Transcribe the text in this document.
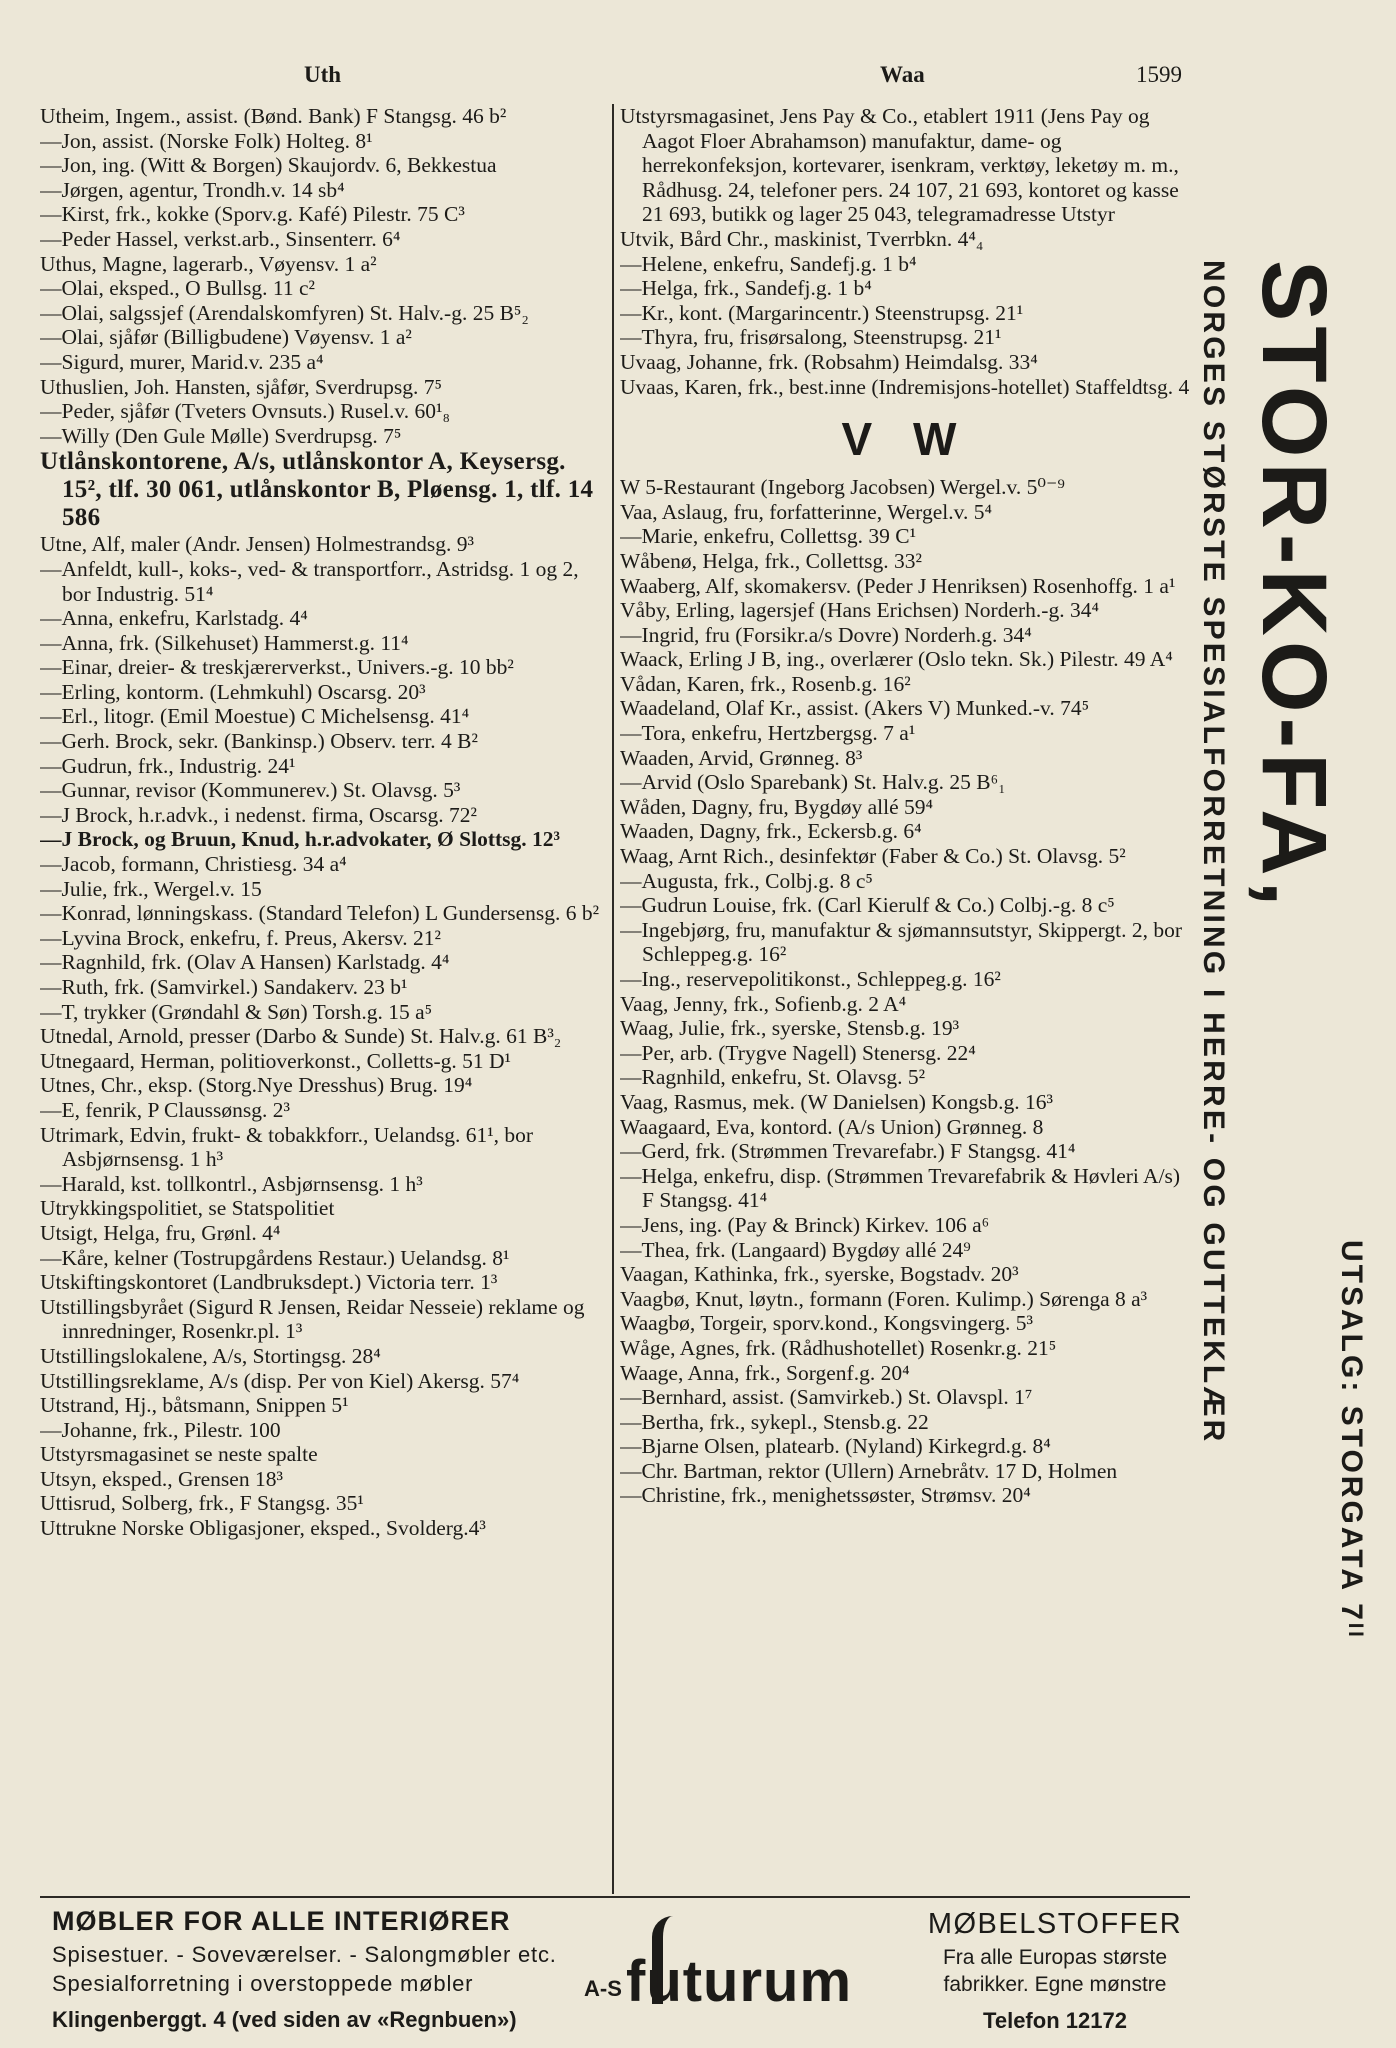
Uth	Waa	1599
Utheim, Ingem., assist. (Bønd. Bank) F Stangsg. 46 b²
—Jon, assist. (Norske Folk) Holteg. 8¹
—Jon, ing. (Witt & Borgen) Skaujordv. 6, Bekkestua
—Jørgen, agentur, Trondh.v. 14 sb⁴
—Kirst, frk., kokke (Sporv.g. Kafé) Pilestr. 75 C³
—Peder Hassel, verkst.arb., Sinsenterr. 6⁴
Uthus, Magne, lagerarb., Vøyensv. 1 a²
—Olai, eksped., O Bullsg. 11 c²
—Olai, salgssjef (Arendalskomfyren) St. Halv.-g. 25 B⁵₂
—Olai, sjåfør (Billigbudene) Vøyensv. 1 a²
—Sigurd, murer, Marid.v. 235 a⁴
Uthuslien, Joh. Hansten, sjåfør, Sverdrupsg. 7⁵
—Peder, sjåfør (Tveters Ovnsuts.) Rusel.v. 60¹₈
—Willy (Den Gule Mølle) Sverdrupsg. 7⁵
Utlånskontorene, A/s, utlånskontor A, Keysersg. 15², tlf. 30 061, utlånskontor B, Pløensg. 1, tlf. 14 586
Utne, Alf, maler (Andr. Jensen) Holmestrandsg. 9³
—Anfeldt, kull-, koks-, ved- & transportforr., Astridsg. 1 og 2, bor Industrig. 51⁴
—Anna, enkefru, Karlstadg. 4⁴
—Anna, frk. (Silkehuset) Hammerst.g. 11⁴
—Einar, dreier- & treskjærerverkst., Univers.-g. 10 bb²
—Erling, kontorm. (Lehmkuhl) Oscarsg. 20³
—Erl., litogr. (Emil Moestue) C Michelsensg. 41⁴
—Gerh. Brock, sekr. (Bankinsp.) Observ. terr. 4 B²
—Gudrun, frk., Industrig. 24¹
—Gunnar, revisor (Kommunerev.) St. Olavsg. 5³
—J Brock, h.r.advk., i nedenst. firma, Oscarsg. 72²
—J Brock, og Bruun, Knud, h.r.advokater, Ø Slottsg. 12³
—Jacob, formann, Christiesg. 34 a⁴
—Julie, frk., Wergel.v. 15
—Konrad, lønningskass. (Standard Telefon) L Gundersensg. 6 b²
—Lyvina Brock, enkefru, f. Preus, Akersv. 21²
—Ragnhild, frk. (Olav A Hansen) Karlstadg. 4⁴
—Ruth, frk. (Samvirkel.) Sandakerv. 23 b¹
—T, trykker (Grøndahl & Søn) Torsh.g. 15 a⁵
Utnedal, Arnold, presser (Darbo & Sunde) St. Halv.g. 61 B³₂
Utnegaard, Herman, politioverkonst., Colletts-g. 51 D¹
Utnes, Chr., eksp. (Storg.Nye Dresshus) Brug. 19⁴
—E, fenrik, P Claussønsg. 2³
Utrimark, Edvin, frukt- & tobakkforr., Uelandsg. 61¹, bor Asbjørnsensg. 1 h³
—Harald, kst. tollkontrl., Asbjørnsensg. 1 h³
Utrykkingspolitiet, se Statspolitiet
Utsigt, Helga, fru, Grønl. 4⁴
—Kåre, kelner (Tostrupgårdens Restaur.) Uelandsg. 8¹
Utskiftingskontoret (Landbruksdept.) Victoria terr. 1³
Utstillingsbyrået (Sigurd R Jensen, Reidar Nesseie) reklame og innredninger, Rosenkr.pl. 1³
Utstillingslokalene, A/s, Stortingsg. 28⁴
Utstillingsreklame, A/s (disp. Per von Kiel) Akersg. 57⁴
Utstrand, Hj., båtsmann, Snippen 5¹
—Johanne, frk., Pilestr. 100
Utstyrsmagasinet se neste spalte
Utsyn, eksped., Grensen 18³
Uttisrud, Solberg, frk., F Stangsg. 35¹
Uttrukne Norske Obligasjoner, eksped., Svolderg.4³
Utstyrsmagasinet, Jens Pay & Co., etablert 1911 (Jens Pay og Aagot Floer Abrahamson) manufaktur, dame- og herrekonfeksjon, kortevarer, isenkram, verktøy, leketøy m. m., Rådhusg. 24, telefoner pers. 24 107, 21 693, kontoret og kasse 21 693, butikk og lager 25 043, telegramadresse Utstyr
Utvik, Bård Chr., maskinist, Tverrbkn. 4⁴₄
—Helene, enkefru, Sandefj.g. 1 b⁴
—Helga, frk., Sandefj.g. 1 b⁴
—Kr., kont. (Margarincentr.) Steenstrupsg. 21¹
—Thyra, fru, frisørsalong, Steenstrupsg. 21¹
Uvaag, Johanne, frk. (Robsahm) Heimdalsg. 33⁴
Uvaas, Karen, frk., best.inne (Indremisjons-hotellet) Staffeldtsg. 4
V W
W 5-Restaurant (Ingeborg Jacobsen) Wergel.v. 5⁰⁻⁹
Vaa, Aslaug, fru, forfatterinne, Wergel.v. 5⁴
—Marie, enkefru, Collettsg. 39 C¹
Wåbenø, Helga, frk., Collettsg. 33²
Waaberg, Alf, skomakersv. (Peder J Henriksen) Rosenhoffg. 1 a¹
Våby, Erling, lagersjef (Hans Erichsen) Norderh.-g. 34⁴
—Ingrid, fru (Forsikr.a/s Dovre) Norderh.g. 34⁴
Waack, Erling J B, ing., overlærer (Oslo tekn. Sk.) Pilestr. 49 A⁴
Vådan, Karen, frk., Rosenb.g. 16²
Waadeland, Olaf Kr., assist. (Akers V) Munked.-v. 74⁵
—Tora, enkefru, Hertzbergsg. 7 a¹
Waaden, Arvid, Grønneg. 8³
—Arvid (Oslo Sparebank) St. Halv.g. 25 B⁶₁
Wåden, Dagny, fru, Bygdøy allé 59⁴
Waaden, Dagny, frk., Eckersb.g. 6⁴
Waag, Arnt Rich., desinfektør (Faber & Co.) St. Olavsg. 5²
—Augusta, frk., Colbj.g. 8 c⁵
—Gudrun Louise, frk. (Carl Kierulf & Co.) Colbj.-g. 8 c⁵
—Ingebjørg, fru, manufaktur & sjømannsutstyr, Skippergt. 2, bor Schleppeg.g. 16²
—Ing., reservepolitikonst., Schleppeg.g. 16²
Vaag, Jenny, frk., Sofienb.g. 2 A⁴
Waag, Julie, frk., syerske, Stensb.g. 19³
—Per, arb. (Trygve Nagell) Stenersg. 22⁴
—Ragnhild, enkefru, St. Olavsg. 5²
Vaag, Rasmus, mek. (W Danielsen) Kongsb.g. 16³
Waagaard, Eva, kontord. (A/s Union) Grønneg. 8
—Gerd, frk. (Strømmen Trevarefabr.) F Stangsg. 41⁴
—Helga, enkefru, disp. (Strømmen Trevarefabrik & Høvleri A/s) F Stangsg. 41⁴
—Jens, ing. (Pay & Brinck) Kirkev. 106 a⁶
—Thea, frk. (Langaard) Bygdøy allé 24⁹
Vaagan, Kathinka, frk., syerske, Bogstadv. 20³
Vaagbø, Knut, løytn., formann (Foren. Kulimp.) Sørenga 8 a³
Waagbø, Torgeir, sporv.kond., Kongsvingerg. 5³
Wåge, Agnes, frk. (Rådhushotellet) Rosenkr.g. 21⁵
Waage, Anna, frk., Sorgenf.g. 20⁴
—Bernhard, assist. (Samvirkeb.) St. Olavspl. 1⁷
—Bertha, frk., sykepl., Stensb.g. 22
—Bjarne Olsen, platearb. (Nyland) Kirkegrd.g. 8⁴
—Chr. Bartman, rektor (Ullern) Arnebråtv. 17 D, Holmen
—Christine, frk., menighetssøster, Strømsv. 20⁴
NORGES STØRSTE SPESIALFORRETNING I HERRE- OG GUTTEKLÆR STOR-KO-FA,
UTSALG: STORGATA 7ᴵᴵ
MØBLER FOR ALLE INTERIØRER
Spisestuer. - Soveværelser. - Salongmøbler etc.
Spesialforretning i overstoppede møbler
Klingenberggt. 4 (ved siden av «Regnbuen»)
A-S futurum
MØBELSTOFFER
Fra alle Europas største
fabrikker. Egne mønstre
Telefon 12172
